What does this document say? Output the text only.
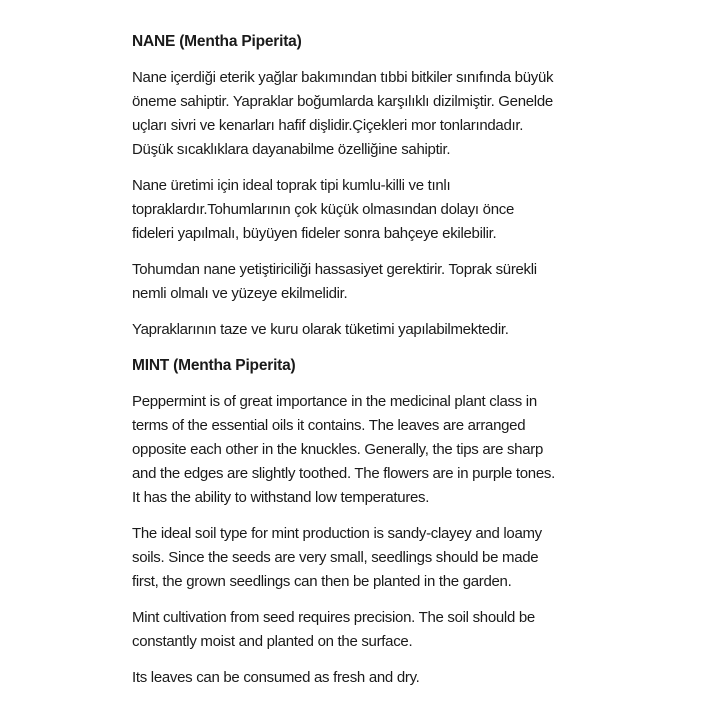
NANE (Mentha Piperita)

Nane içerdiği eterik yağlar bakımından tıbbi bitkiler sınıfında büyük
öneme sahiptir. Yapraklar boğumlarda karşılıklı dizilmiştir. Genelde
uçları sivri ve kenarları hafif dişlidir.Çiçekleri mor tonlarındadır.
Düşük sıcaklıklara dayanabilme özelliğine sahiptir.

Nane üretimi için ideal toprak tipi kumlu-killi ve tınlı
topraklardır.Tohumlarının çok küçük olmasından dolayı önce
fideleri yapılmalı, büyüyen fideler sonra bahçeye ekilebilir.

Tohumdan nane yetiştiriciliği hassasiyet gerektirir. Toprak sürekli
nemli olmalı ve yüzeye ekilmelidir.

Yapraklarının taze ve kuru olarak tüketimi yapılabilmektedir.

MINT (Mentha Piperita)

Peppermint is of great importance in the medicinal plant class in
terms of the essential oils it contains. The leaves are arranged
opposite each other in the knuckles. Generally, the tips are sharp
and the edges are slightly toothed. The flowers are in purple tones.
It has the ability to withstand low temperatures.

The ideal soil type for mint production is sandy-clayey and loamy
soils. Since the seeds are very small, seedlings should be made
first, the grown seedlings can then be planted in the garden.

Mint cultivation from seed requires precision. The soil should be
constantly moist and planted on the surface.

Its leaves can be consumed as fresh and dry.
